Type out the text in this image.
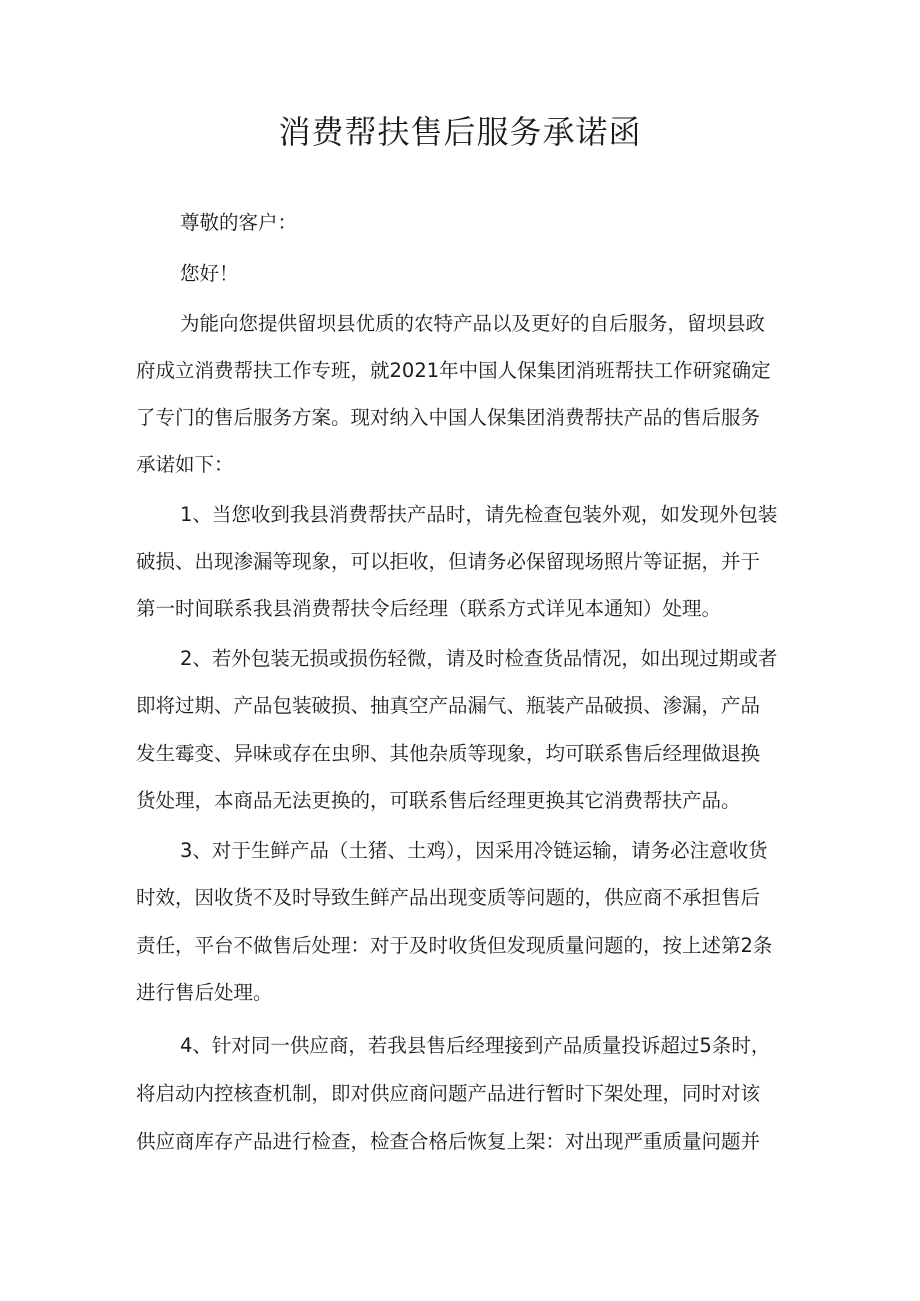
消费帮扶售后服务承诺函
尊敬的客户：
您好！
为能向您提供留坝县优质的农特产品以及更好的自后服务，留坝县政
府成立消费帮扶工作专班，就2021年中国人保集团消班帮扶工作研窕确定
了专门的售后服务方案。现对纳入中国人保集团消费帮扶产品的售后服务
承诺如下：
1、当您收到我县消费帮扶产品时，请先检查包装外观，如发现外包装
破损、出现渗漏等现象，可以拒收，但请务必保留现场照片等证据，并于
第一时间联系我县消费帮扶令后经理（联系方式详见本通知）处理。
2、若外包装无损或损伤轻微，请及时检查货品情况，如出现过期或者
即将过期、产品包装破损、抽真空产品漏气、瓶装产品破损、渗漏，产品
发生霉变、异味或存在虫卵、其他杂质等现象，均可联系售后经理做退换
货处理，本商品无法更换的，可联系售后经理更换其它消费帮扶产品。
3、对于生鲜产品（土猪、土鸡），因采用冷链运输，请务必注意收货
时效，因收货不及时导致生鲜产品出现变质等问题的，供应商不承担售后
责任，平台不做售后处理：对于及时收货但发现质量问题的，按上述第2条
进行售后处理。
4、针对同一供应商，若我县售后经理接到产品质量投诉超过5条时，
将启动内控核查机制，即对供应商问题产品进行暂时下架处理，同时对该
供应商库存产品进行检查，检查合格后恢复上架：对出现严重质量问题并
